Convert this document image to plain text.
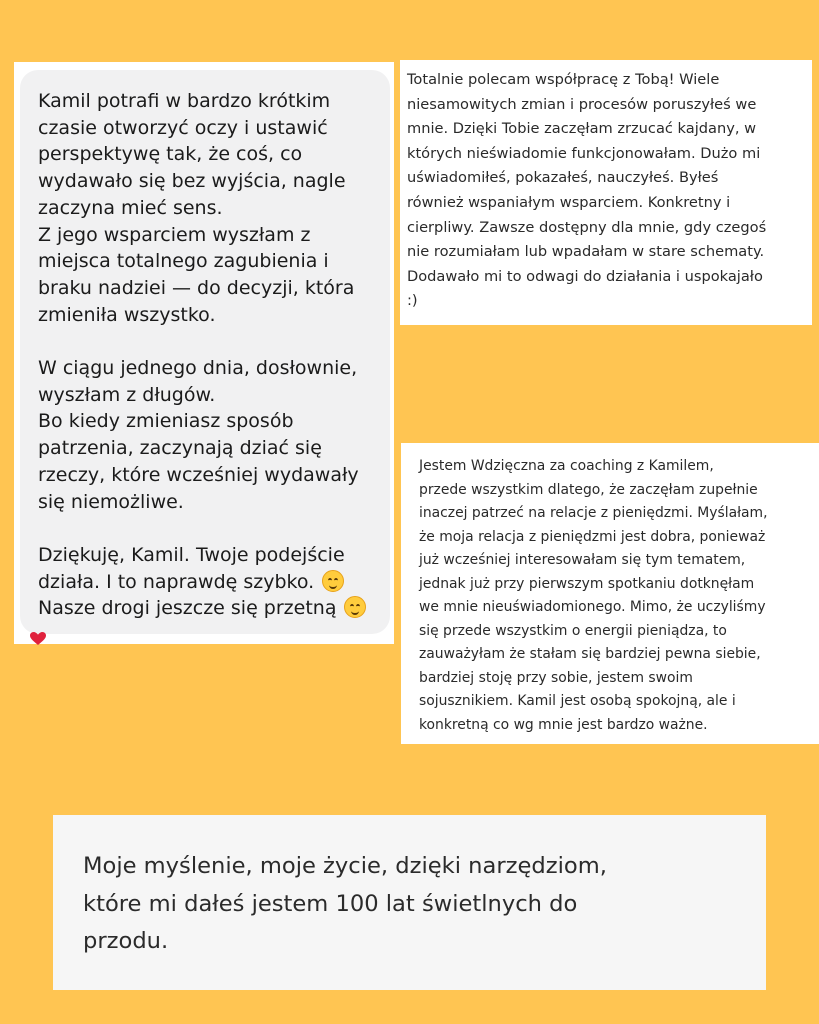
Kamil potrafi w bardzo krótkim
czasie otworzyć oczy i ustawić
perspektywę tak, że coś, co
wydawało się bez wyjścia, nagle
zaczyna mieć sens.
Z jego wsparciem wyszłam z
miejsca totalnego zagubienia i
braku nadziei — do decyzji, która
zmieniła wszystko.
W ciągu jednego dnia, dosłownie,
wyszłam z długów.
Bo kiedy zmieniasz sposób
patrzenia, zaczynają dziać się
rzeczy, które wcześniej wydawały
się niemożliwe.
Dziękuję, Kamil. Twoje podejście
działa. I to naprawdę szybko.
Nasze drogi jeszcze się przetną
Totalnie polecam współpracę z Tobą! Wiele
niesamowitych zmian i procesów poruszyłeś we
mnie. Dzięki Tobie zaczęłam zrzucać kajdany, w
których nieświadomie funkcjonowałam. Dużo mi
uświadomiłeś, pokazałeś, nauczyłeś. Byłeś
również wspaniałym wsparciem. Konkretny i
cierpliwy. Zawsze dostępny dla mnie, gdy czegoś
nie rozumiałam lub wpadałam w stare schematy.
Dodawało mi to odwagi do działania i uspokajało
:)
Jestem Wdzięczna za coaching z Kamilem,
przede wszystkim dlatego, że zaczęłam zupełnie
inaczej patrzeć na relacje z pieniędzmi. Myślałam,
że moja relacja z pieniędzmi jest dobra, ponieważ
już wcześniej interesowałam się tym tematem,
jednak już przy pierwszym spotkaniu dotknęłam
we mnie nieuświadomionego. Mimo, że uczyliśmy
się przede wszystkim o energii pieniądza, to
zauważyłam że stałam się bardziej pewna siebie,
bardziej stoję przy sobie, jestem swoim
sojusznikiem. Kamil jest osobą spokojną, ale i
konkretną co wg mnie jest bardzo ważne.
Moje myślenie, moje życie, dzięki narzędziom,
które mi dałeś jestem 100 lat świetlnych do
przodu.
